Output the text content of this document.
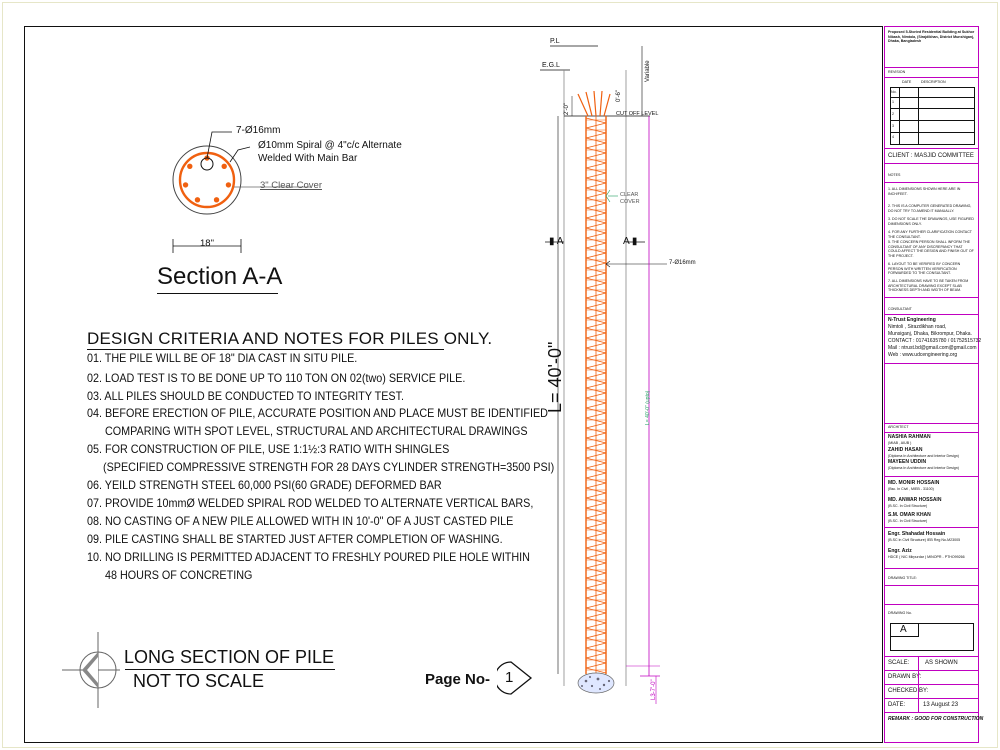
7-Ø16mm
Ø10mm Spiral @ 4"c/c Alternate
Welded With Main Bar
3" Clear Cover
18"
Section A-A
DESIGN CRITERIA AND NOTES FOR PILES ONLY.
01. THE PILE WILL BE OF 18" DIA CAST IN SITU PILE.
02. LOAD TEST IS TO BE DONE UP TO 110 TON ON 02(two) SERVICE PILE.
03. ALL PILES SHOULD BE CONDUCTED TO INTEGRITY TEST.
04. BEFORE ERECTION OF PILE, ACCURATE POSITION AND PLACE MUST BE IDENTIFIED
COMPARING WITH SPOT LEVEL, STRUCTURAL AND ARCHITECTURAL DRAWINGS
05. FOR CONSTRUCTION OF PILE, USE 1:1½:3 RATIO WITH SHINGLES
(SPECIFIED COMPRESSIVE STRENGTH FOR 28 DAYS CYLINDER STRENGTH=3500 PSI)
06. YEILD STRENGTH STEEL 60,000 PSI(60 GRADE) DEFORMED BAR
07. PROVIDE 10mmØ WELDED SPIRAL ROD WELDED TO ALTERNATE VERTICAL BARS,
08. NO CASTING OF A NEW PILE ALLOWED WITH IN 10'-0" OF A JUST CASTED PILE
09. PILE CASTING SHALL BE STARTED JUST AFTER COMPLETION OF WASHING.
10. NO DRILLING IS PERMITTED ADJACENT TO FRESHLY POURED PILE HOLE WITHIN
48 HOURS OF CONCRETING
LONG SECTION OF PILE
NOT TO SCALE	Page No- 1
P.L
E.G.L
CUT OFF LEVEL
Variable
2'-0"
0'-6"
CLEAR
COVER
▮ A	A ▮
7-Ø16mm
L= 40'-0"	L= 40'-0" (upto)
L3-7'-0"
Proposed 5-Storied Residential Building at Sukhor Nibash, Nimtola, (Sirajdikhan, District Munshiganj, Dhaka, Bangladesh
REVISION
DATE	DESCRIPTION
No.
1
2
3
4
CLIENT : MASJID COMMITTEE
NOTES
1. ALL DIMENSIONS SHOWN HERE ARE IN INCH/FEET.
2. THIS IS A COMPUTER GENERATED DRAWING, DO NOT TRY TO AMEND IT MANUALLY.
3. DO NOT SCALE THE DRAWINGS, USE FIGURED DIMENSIONS ONLY.
4. FOR ANY FURTHER CLARIFICATION CONTACT THE CONSULTANT.
5. THE CONCERN PERSON SHALL INFORM THE CONSULTANT OF ANY DISCREPANCY THAT COULD AFFECT THE DESIGN AND FINISH OUT OF THE PROJECT.
6. LAYOUT TO BE VERIFIED BY CONCERN PERSON WITH WRITTEN VERIFICATION FORWARDED TO THE CONSULTANT.
7. ALL DIMENSIONS HAVE TO BE TAKEN FROM ARCHITECTURAL DRAWING EXCEPT SLAB THICKNESS DEPTH AND WIDTH OF BEAM.
CONSULTANT
N-Trust Engineering
Nimtoli , Sirazdikhan road,
Munsiganj, Dhaka, Bikrompur, Dhaka.
CONTACT : 01741635780 / 01752515732
Mail : ntrust.bd@gmail.com@gmail.com
Web : www.udcengineering.org
ARCHITECT
NASHIA RAHMAN
(MIAB , AIUB )
ZAHID HASAN
(Diploma In Architecture and Interior Design)
MAYEEN UDDIN
(Diploma In Architecture and Interior Design)
MD. MONIR HOSSAIN
(Bsc. In Civil , MIEB - 31100)
MD. ANWAR HOSSAIN
(B.SC. In Civil Structure)
S.M. OMAR KHAN
(B.SC. In Civil Structure)
Engr. Shahadat Hossain
(B.SC in Civil Structure) IEB Reg No-M23005
Engr. Aziz
HDCE ( NIC Mirpurdar ) MINOPR - PTHO99266
DRAWING TITLE:
DRAWING No.
A
SCALE:	AS SHOWN
DRAWN BY:
CHECKED BY:
DATE:	13 August 23
REMARK : GOOD FOR CONSTRUCTION
